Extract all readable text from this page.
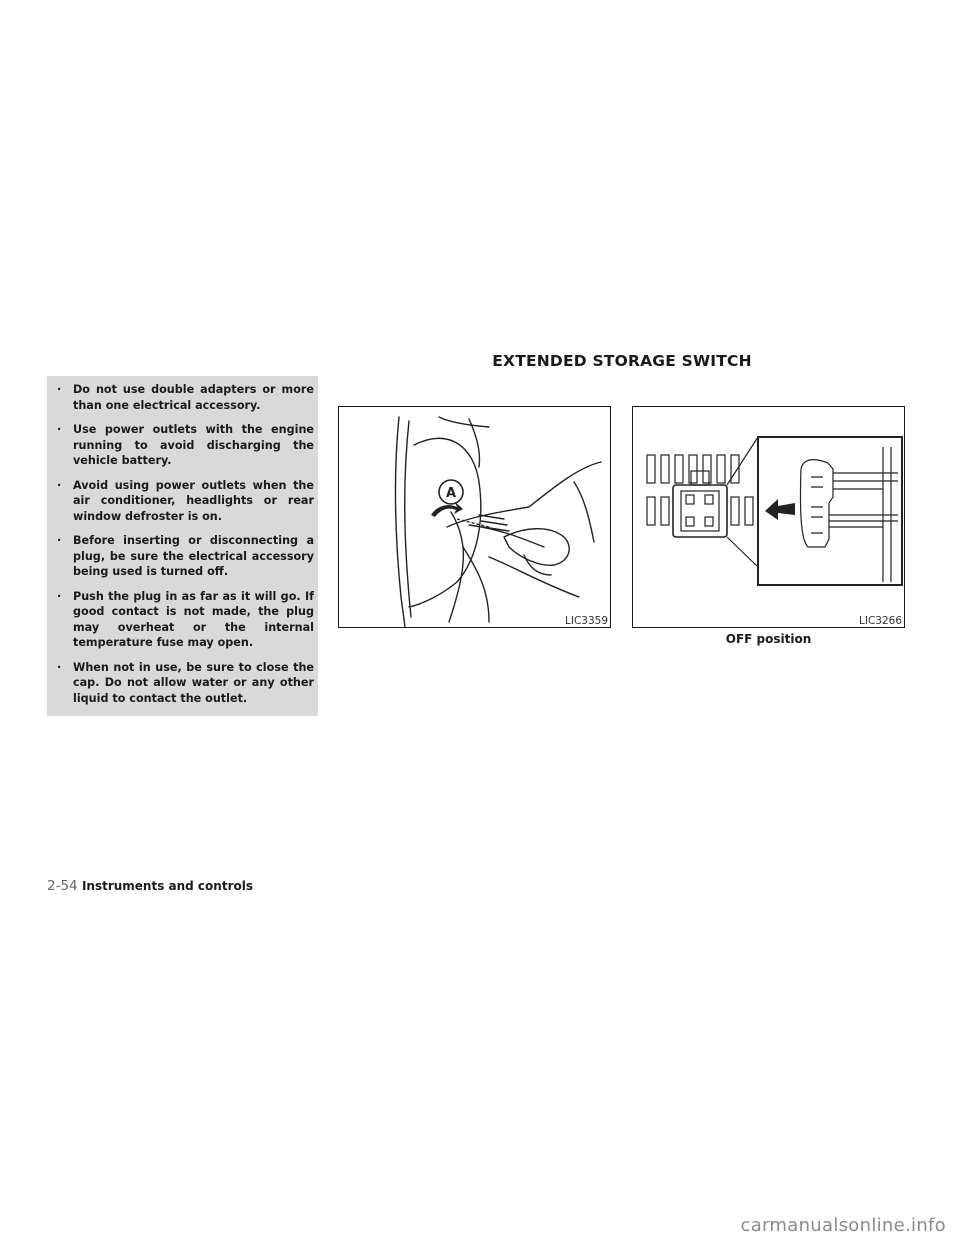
EXTENDED STORAGE SWITCH
· Do not use double adapters or more than one electrical accessory.
· Use power outlets with the engine running to avoid discharging the vehicle battery.
· Avoid using power outlets when the air conditioner, headlights or rear window defroster is on.
· Before inserting or disconnecting a plug, be sure the electrical accessory being used is turned off.
· Push the plug in as far as it will go. If good contact is not made, the plug may overheat or the internal temperature fuse may open.
· When not in use, be sure to close the cap. Do not allow water or any other liquid to contact the outlet.
A
LIC3359	LIC3266
OFF position
2-54 Instruments and controls
carmanualsonline.info
